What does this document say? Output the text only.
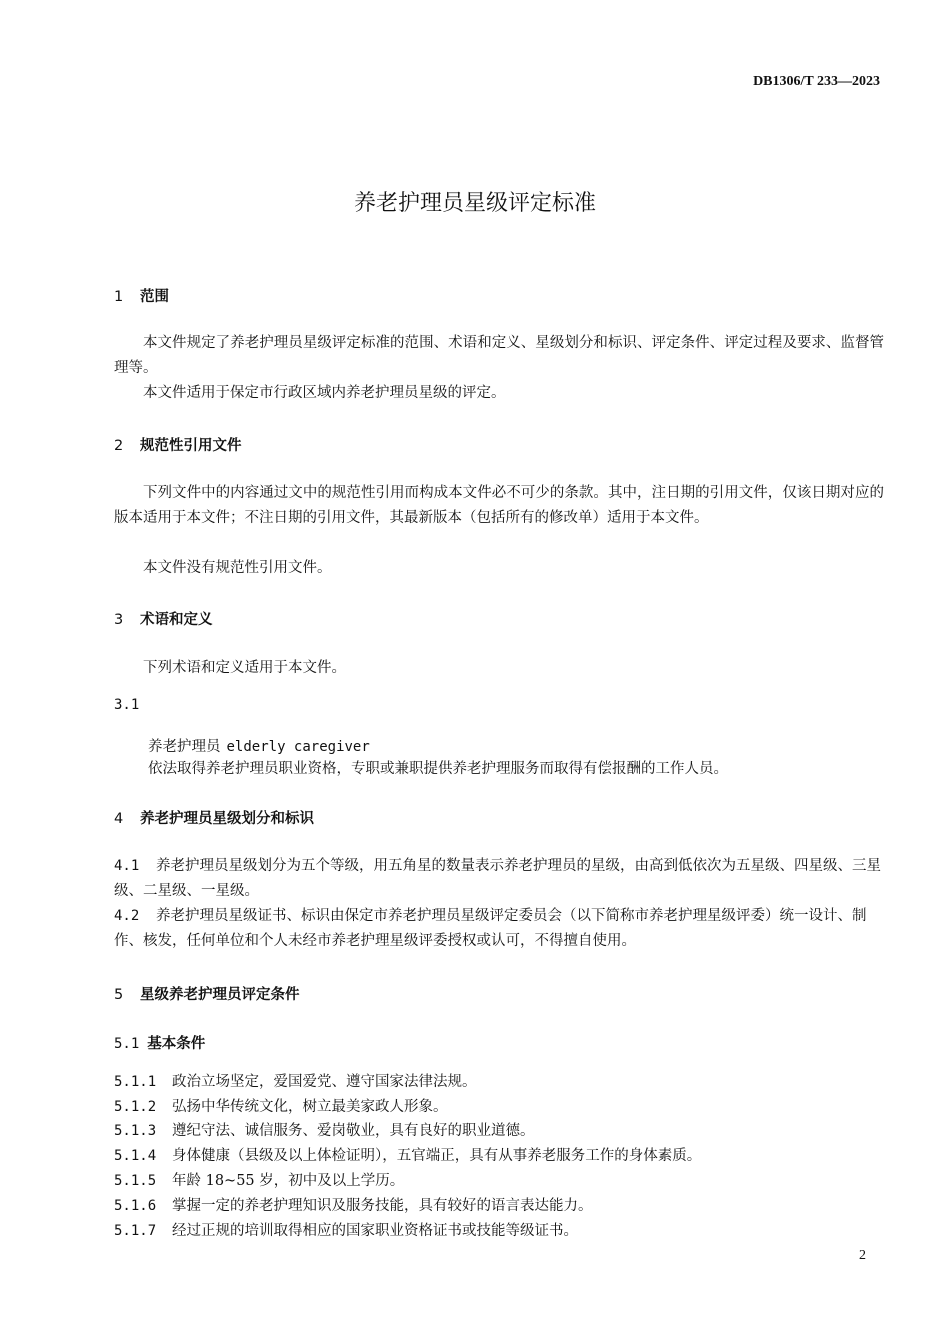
DB1306/T 233—2023
养老护理员星级评定标准
1 范围
本文件规定了养老护理员星级评定标准的范围、术语和定义、星级划分和标识、评定条件、评定过程及要求、监督管理等。
本文件适用于保定市行政区域内养老护理员星级的评定。
2 规范性引用文件
下列文件中的内容通过文中的规范性引用而构成本文件必不可少的条款。其中，注日期的引用文件，仅该日期对应的版本适用于本文件；不注日期的引用文件，其最新版本（包括所有的修改单）适用于本文件。
本文件没有规范性引用文件。
3 术语和定义
下列术语和定义适用于本文件。
3.1
养老护理员 elderly caregiver
依法取得养老护理员职业资格，专职或兼职提供养老护理服务而取得有偿报酬的工作人员。
4 养老护理员星级划分和标识
4.1 养老护理员星级划分为五个等级，用五角星的数量表示养老护理员的星级，由高到低依次为五星级、四星级、三星级、二星级、一星级。
4.2 养老护理员星级证书、标识由保定市养老护理员星级评定委员会（以下简称市养老护理星级评委）统一设计、制作、核发，任何单位和个人未经市养老护理星级评委授权或认可，不得擅自使用。
5 星级养老护理员评定条件
5.1 基本条件
5.1.1 政治立场坚定，爱国爱党、遵守国家法律法规。
5.1.2 弘扬中华传统文化，树立最美家政人形象。
5.1.3 遵纪守法、诚信服务、爱岗敬业，具有良好的职业道德。
5.1.4 身体健康（县级及以上体检证明），五官端正，具有从事养老服务工作的身体素质。
5.1.5 年龄 18~55 岁，初中及以上学历。
5.1.6 掌握一定的养老护理知识及服务技能，具有较好的语言表达能力。
5.1.7 经过正规的培训取得相应的国家职业资格证书或技能等级证书。
2
